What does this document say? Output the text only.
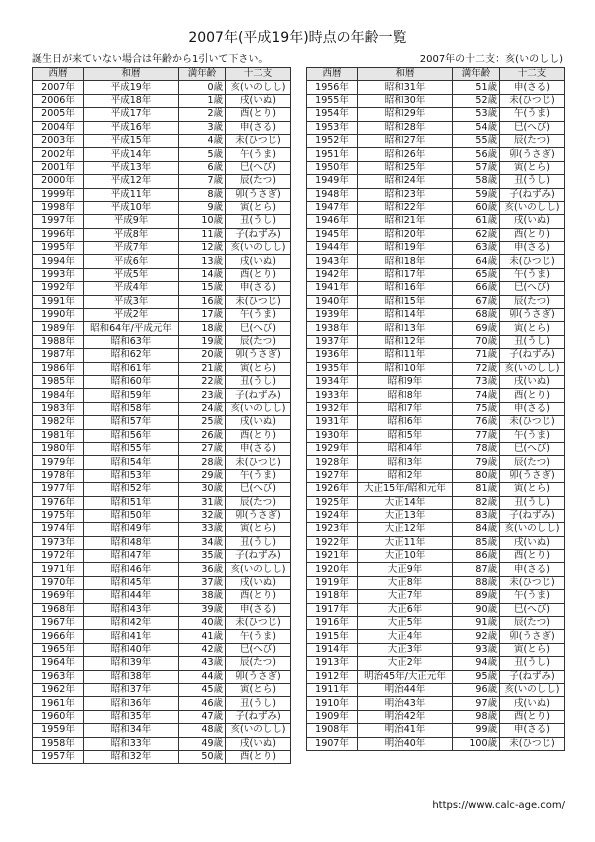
2007年(平成19年)時点の年齢一覧
誕生日が来ていない場合は年齢から1引いて下さい。	2007年の十二支：亥(いのしし)
西暦	和暦	満年齢	十二支
2007年	平成19年	0歳	亥(いのしし)
2006年	平成18年	1歳	戌(いぬ)
2005年	平成17年	2歳	酉(とり)
2004年	平成16年	3歳	申(さる)
2003年	平成15年	4歳	未(ひつじ)
2002年	平成14年	5歳	午(うま)
2001年	平成13年	6歳	巳(へび)
2000年	平成12年	7歳	辰(たつ)
1999年	平成11年	8歳	卯(うさぎ)
1998年	平成10年	9歳	寅(とら)
1997年	平成9年	10歳	丑(うし)
1996年	平成8年	11歳	子(ねずみ)
1995年	平成7年	12歳	亥(いのしし)
1994年	平成6年	13歳	戌(いぬ)
1993年	平成5年	14歳	酉(とり)
1992年	平成4年	15歳	申(さる)
1991年	平成3年	16歳	未(ひつじ)
1990年	平成2年	17歳	午(うま)
1989年	昭和64年/平成元年	18歳	巳(へび)
1988年	昭和63年	19歳	辰(たつ)
1987年	昭和62年	20歳	卯(うさぎ)
1986年	昭和61年	21歳	寅(とら)
1985年	昭和60年	22歳	丑(うし)
1984年	昭和59年	23歳	子(ねずみ)
1983年	昭和58年	24歳	亥(いのしし)
1982年	昭和57年	25歳	戌(いぬ)
1981年	昭和56年	26歳	酉(とり)
1980年	昭和55年	27歳	申(さる)
1979年	昭和54年	28歳	未(ひつじ)
1978年	昭和53年	29歳	午(うま)
1977年	昭和52年	30歳	巳(へび)
1976年	昭和51年	31歳	辰(たつ)
1975年	昭和50年	32歳	卯(うさぎ)
1974年	昭和49年	33歳	寅(とら)
1973年	昭和48年	34歳	丑(うし)
1972年	昭和47年	35歳	子(ねずみ)
1971年	昭和46年	36歳	亥(いのしし)
1970年	昭和45年	37歳	戌(いぬ)
1969年	昭和44年	38歳	酉(とり)
1968年	昭和43年	39歳	申(さる)
1967年	昭和42年	40歳	未(ひつじ)
1966年	昭和41年	41歳	午(うま)
1965年	昭和40年	42歳	巳(へび)
1964年	昭和39年	43歳	辰(たつ)
1963年	昭和38年	44歳	卯(うさぎ)
1962年	昭和37年	45歳	寅(とら)
1961年	昭和36年	46歳	丑(うし)
1960年	昭和35年	47歳	子(ねずみ)
1959年	昭和34年	48歳	亥(いのしし)
1958年	昭和33年	49歳	戌(いぬ)
1957年	昭和32年	50歳	酉(とり)
西暦	和暦	満年齢	十二支
1956年	昭和31年	51歳	申(さる)
1955年	昭和30年	52歳	未(ひつじ)
1954年	昭和29年	53歳	午(うま)
1953年	昭和28年	54歳	巳(へび)
1952年	昭和27年	55歳	辰(たつ)
1951年	昭和26年	56歳	卯(うさぎ)
1950年	昭和25年	57歳	寅(とら)
1949年	昭和24年	58歳	丑(うし)
1948年	昭和23年	59歳	子(ねずみ)
1947年	昭和22年	60歳	亥(いのしし)
1946年	昭和21年	61歳	戌(いぬ)
1945年	昭和20年	62歳	酉(とり)
1944年	昭和19年	63歳	申(さる)
1943年	昭和18年	64歳	未(ひつじ)
1942年	昭和17年	65歳	午(うま)
1941年	昭和16年	66歳	巳(へび)
1940年	昭和15年	67歳	辰(たつ)
1939年	昭和14年	68歳	卯(うさぎ)
1938年	昭和13年	69歳	寅(とら)
1937年	昭和12年	70歳	丑(うし)
1936年	昭和11年	71歳	子(ねずみ)
1935年	昭和10年	72歳	亥(いのしし)
1934年	昭和9年	73歳	戌(いぬ)
1933年	昭和8年	74歳	酉(とり)
1932年	昭和7年	75歳	申(さる)
1931年	昭和6年	76歳	未(ひつじ)
1930年	昭和5年	77歳	午(うま)
1929年	昭和4年	78歳	巳(へび)
1928年	昭和3年	79歳	辰(たつ)
1927年	昭和2年	80歳	卯(うさぎ)
1926年	大正15年/昭和元年	81歳	寅(とら)
1925年	大正14年	82歳	丑(うし)
1924年	大正13年	83歳	子(ねずみ)
1923年	大正12年	84歳	亥(いのしし)
1922年	大正11年	85歳	戌(いぬ)
1921年	大正10年	86歳	酉(とり)
1920年	大正9年	87歳	申(さる)
1919年	大正8年	88歳	未(ひつじ)
1918年	大正7年	89歳	午(うま)
1917年	大正6年	90歳	巳(へび)
1916年	大正5年	91歳	辰(たつ)
1915年	大正4年	92歳	卯(うさぎ)
1914年	大正3年	93歳	寅(とら)
1913年	大正2年	94歳	丑(うし)
1912年	明治45年/大正元年	95歳	子(ねずみ)
1911年	明治44年	96歳	亥(いのしし)
1910年	明治43年	97歳	戌(いぬ)
1909年	明治42年	98歳	酉(とり)
1908年	明治41年	99歳	申(さる)
1907年	明治40年	100歳	未(ひつじ)
https://www.calc-age.com/
